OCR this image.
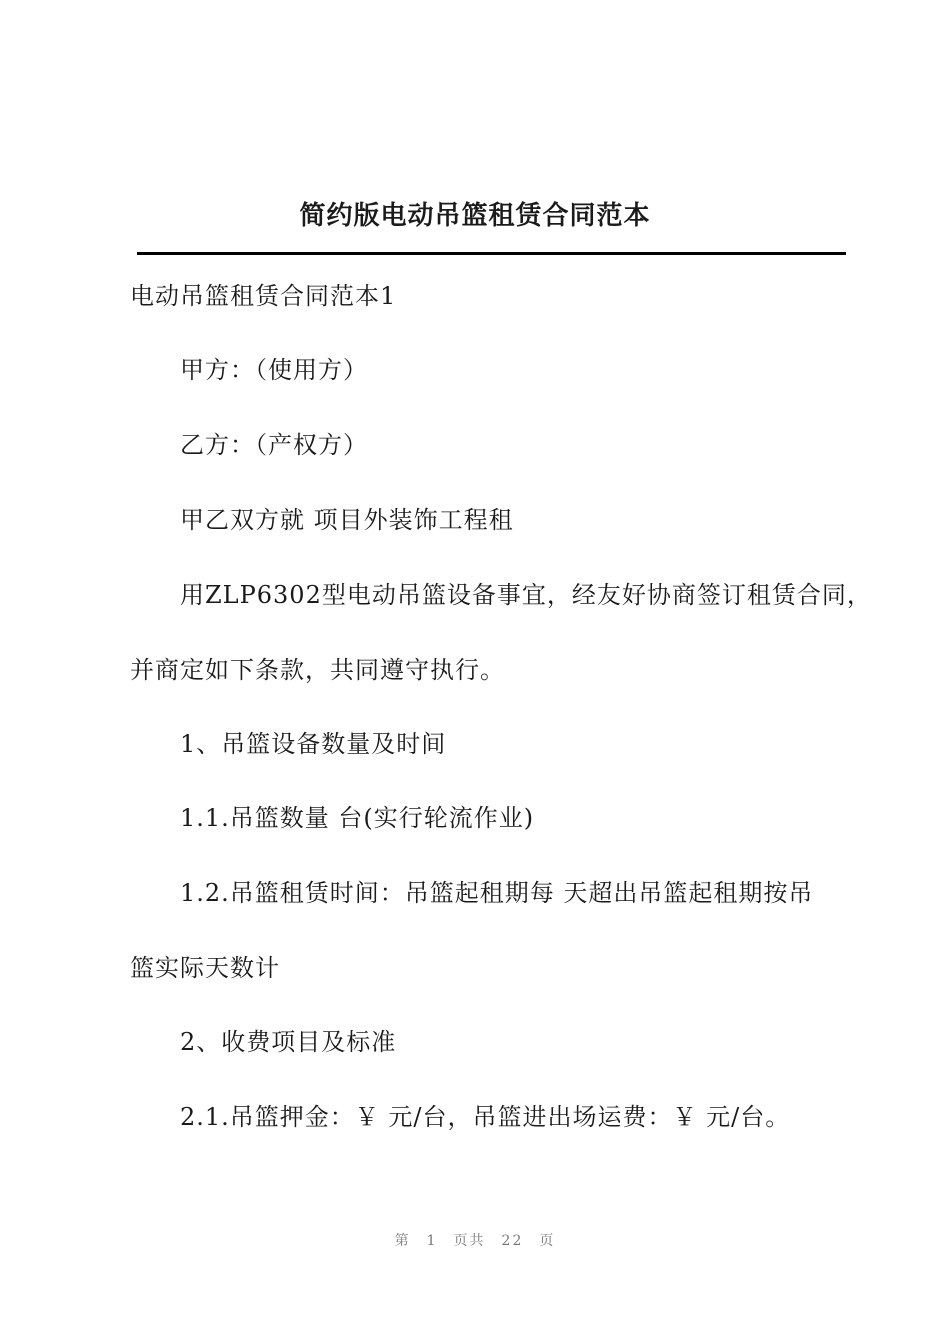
简约版电动吊篮租赁合同范本
电动吊篮租赁合同范本1
甲方：（使用方）
乙方：（产权方）
甲乙双方就 项目外装饰工程租
用ZLP6302型电动吊篮设备事宜，经友好协商签订租赁合同，
并商定如下条款，共同遵守执行。
1、吊篮设备数量及时间
1.1.吊篮数量 台(实行轮流作业)
1.2.吊篮租赁时间：吊篮起租期每 天超出吊篮起租期按吊
篮实际天数计
2、收费项目及标准
2.1.吊篮押金：￥ 元/台，吊篮进出场运费：￥ 元/台。
第 1 页共 22 页
